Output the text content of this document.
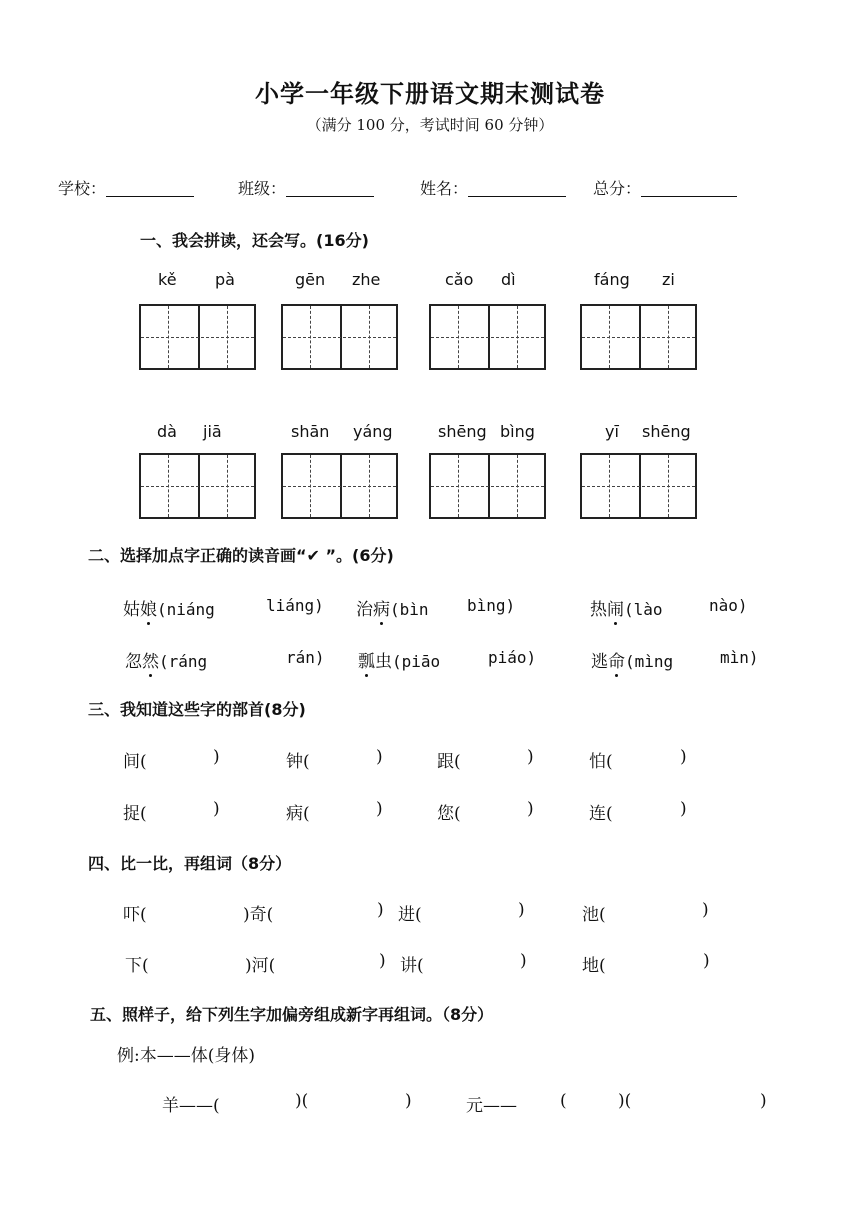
小学一年级下册语文期末测试卷
（满分 100 分，考试时间 60 分钟）
学校：	班级：	姓名：	总分：
一、我会拼读，还会写。(16分)
kě pà	gēn zhe	cǎo dì	fáng zi
dà jiā	shān yáng	shēng bìng	yī shēng
二、选择加点字正确的读音画“✔ ”。(6分)
姑娘(niáng	liáng) 治病(bìn bìng)	热闹(lào	nào)
忽然(ráng	rán) 瓢虫(piāo	piáo)	逃命(mìng	mìn)
三、我知道这些字的部首(8分)
间(	)	钟(	)	跟(	)	怕(	)
捉(	)	病(	)	您(	)	连(	)
四、比一比，再组词（8分）
吓(	)奇(	) 进(	)	池(	)
下(	)河(	) 讲(	)	地(	)
五、照样子，给下列生字加偏旁组成新字再组词。（8分）
例:本——体(身体)
羊——(	)(	)	元——	(	)(	)
